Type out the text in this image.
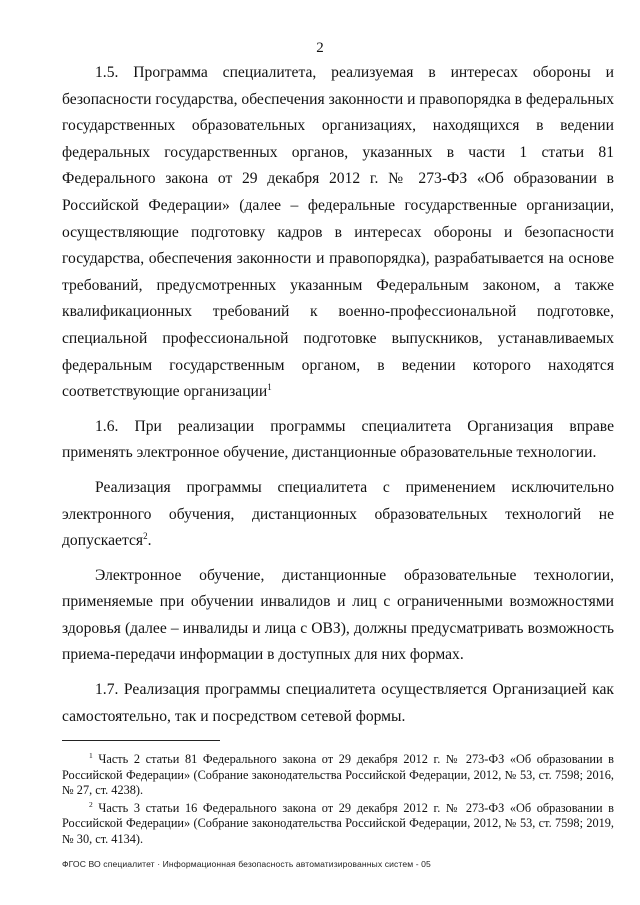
2

1.5. Программа специалитета, реализуемая в интересах обороны и безопасности государства, обеспечения законности и правопорядка в федеральных государственных образовательных организациях, находящихся в ведении федеральных государственных органов, указанных в части 1 статьи 81 Федерального закона от 29 декабря 2012 г. № 273-ФЗ «Об образовании в Российской Федерации» (далее – федеральные государственные организации, осуществляющие подготовку кадров в интересах обороны и безопасности государства, обеспечения законности и правопорядка), разрабатывается на основе требований, предусмотренных указанным Федеральным законом, а также квалификационных требований к военно-профессиональной подготовке, специальной профессиональной подготовке выпускников, устанавливаемых федеральным государственным органом, в ведении которого находятся соответствующие организации$^1$

1.6. При реализации программы специалитета Организация вправе применять электронное обучение, дистанционные образовательные технологии.

Реализация программы специалитета с применением исключительно электронного обучения, дистанционных образовательных технологий не допускается$^2$.

Электронное обучение, дистанционные образовательные технологии, применяемые при обучении инвалидов и лиц с ограниченными возможностями здоровья (далее – инвалиды и лица с ОВЗ), должны предусматривать возможность приема-передачи информации в доступных для них формах.

1.7. Реализация программы специалитета осуществляется Организацией как самостоятельно, так и посредством сетевой формы.

$^1$ Часть 2 статьи 81 Федерального закона от 29 декабря 2012 г. № 273-ФЗ «Об образовании в Российской Федерации» (Собрание законодательства Российской Федерации, 2012, № 53, ст. 7598; 2016, № 27, ст. 4238).

$^2$ Часть 3 статьи 16 Федерального закона от 29 декабря 2012 г. № 273-ФЗ «Об образовании в Российской Федерации» (Собрание законодательства Российской Федерации, 2012, № 53, ст. 7598; 2019, № 30, ст. 4134).

ФГОС ВО специалитет · Информационная безопасность автоматизированных систем - 05
